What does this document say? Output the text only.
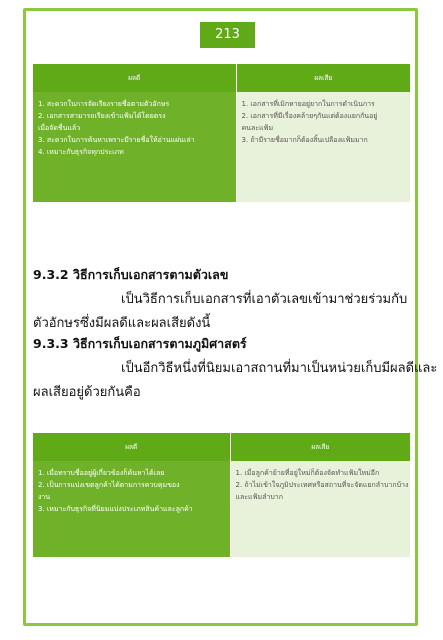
213
ผลดี	ผลเสีย

1. สะดวกในการจัดเรียงรายชื่อตามตัวอักษร
2. เอกสารสามารถเรียงเข้าแฟ้มได้โดยตรง
เมื่อจัดชื่นแล้ว
3. สะดวกในการค้นหาเพราะมีรายชื่อให้อ่านแผ่นเล่า
4. เหมาะกับธุรกิจทุกประเภท	1. เอกสารที่เมิกหายอยู่ยากในการดำเนินการ
2. เอกสารที่มีเรื่องคล้ายๆกันแต่ต้องแยกกันอยู่
คนละแฟ้ม
3. ถ้ามีรายชื่อมากก็ต้องสิ้นเปลืองแฟ้มมาก
9.3.2 วิธีการเก็บเอกสารตามตัวเลข
เป็นวิธีการเก็บเอกสารที่เอาตัวเลขเข้ามาช่วยร่วมกับ
ตัวอักษรซึ่งมีผลดีและผลเสียดังนี้
9.3.3 วิธีการเก็บเอกสารตามภูมิศาสตร์
เป็นอีกวิธีหนึ่งที่นิยมเอาสถานที่มาเป็นหน่วยเก็บมีผลดีและ
ผลเสียอยู่ด้วยกันคือ
ผลดี	ผลเสีย

1. เมื่อทราบชื่ออยู่ผู้เกี่ยวข้องก็ค้นหาได้เลย
2. เป็นการแบ่งเขตลูกค้าได้ตามการควบคุมของ
งาน
3. เหมาะกับธุรกิจที่นิยมแบ่งประเภทสินค้าและลูกค้า	1. เมื่อลูกค้าย้ายที่อยู่ใหม่ก็ต้องจัดทำแฟ้มใหม่อีก
2. ถ้าไม่เข้าใจภูมิประเทศหรือสถานที่จะจัดแยกลำบากบ้าง
และแฟ้มลำบาก
